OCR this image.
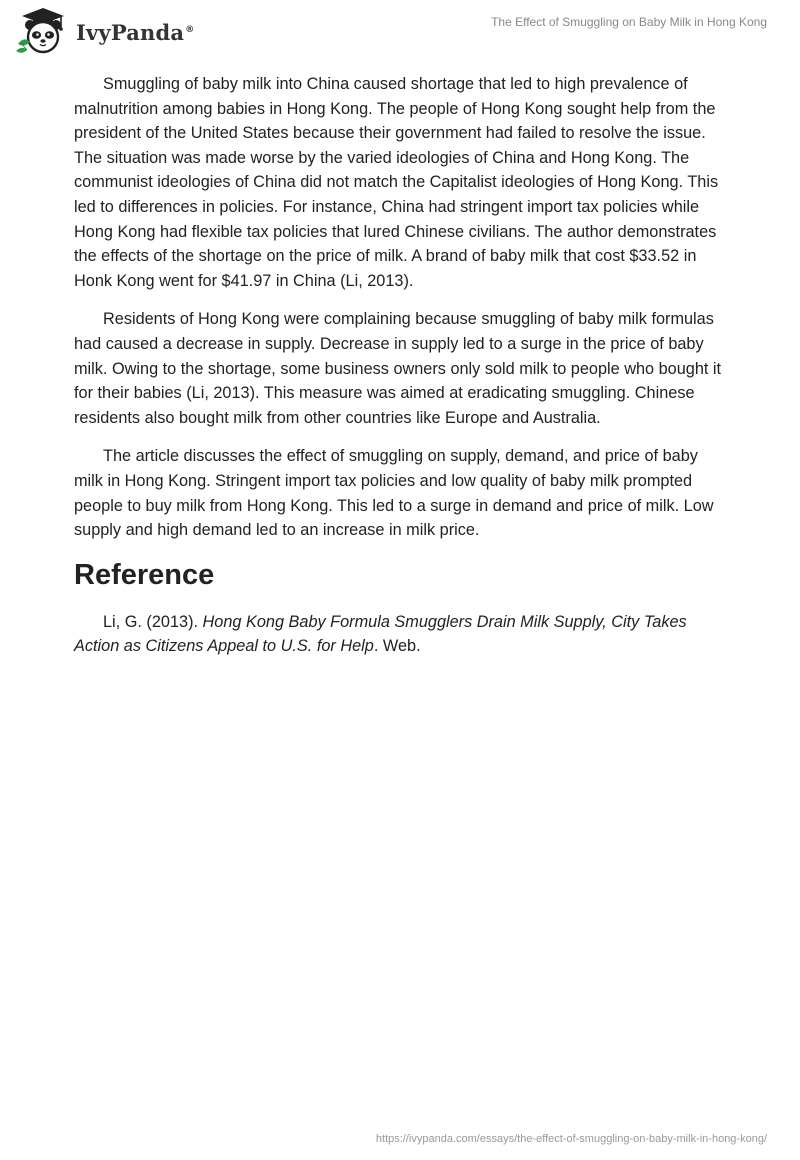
IvyPanda®
The Effect of Smuggling on Baby Milk in Hong Kong

Smuggling of baby milk into China caused shortage that led to high prevalence of malnutrition among babies in Hong Kong. The people of Hong Kong sought help from the president of the United States because their government had failed to resolve the issue. The situation was made worse by the varied ideologies of China and Hong Kong. The communist ideologies of China did not match the Capitalist ideologies of Hong Kong. This led to differences in policies. For instance, China had stringent import tax policies while Hong Kong had flexible tax policies that lured Chinese civilians. The author demonstrates the effects of the shortage on the price of milk. A brand of baby milk that cost $33.52 in Honk Kong went for $41.97 in China (Li, 2013).

Residents of Hong Kong were complaining because smuggling of baby milk formulas had caused a decrease in supply. Decrease in supply led to a surge in the price of baby milk. Owing to the shortage, some business owners only sold milk to people who bought it for their babies (Li, 2013). This measure was aimed at eradicating smuggling. Chinese residents also bought milk from other countries like Europe and Australia.

The article discusses the effect of smuggling on supply, demand, and price of baby milk in Hong Kong. Stringent import tax policies and low quality of baby milk prompted people to buy milk from Hong Kong. This led to a surge in demand and price of milk. Low supply and high demand led to an increase in milk price.

Reference

Li, G. (2013). Hong Kong Baby Formula Smugglers Drain Milk Supply, City Takes Action as Citizens Appeal to U.S. for Help. Web.

https://ivypanda.com/essays/the-effect-of-smuggling-on-baby-milk-in-hong-kong/
